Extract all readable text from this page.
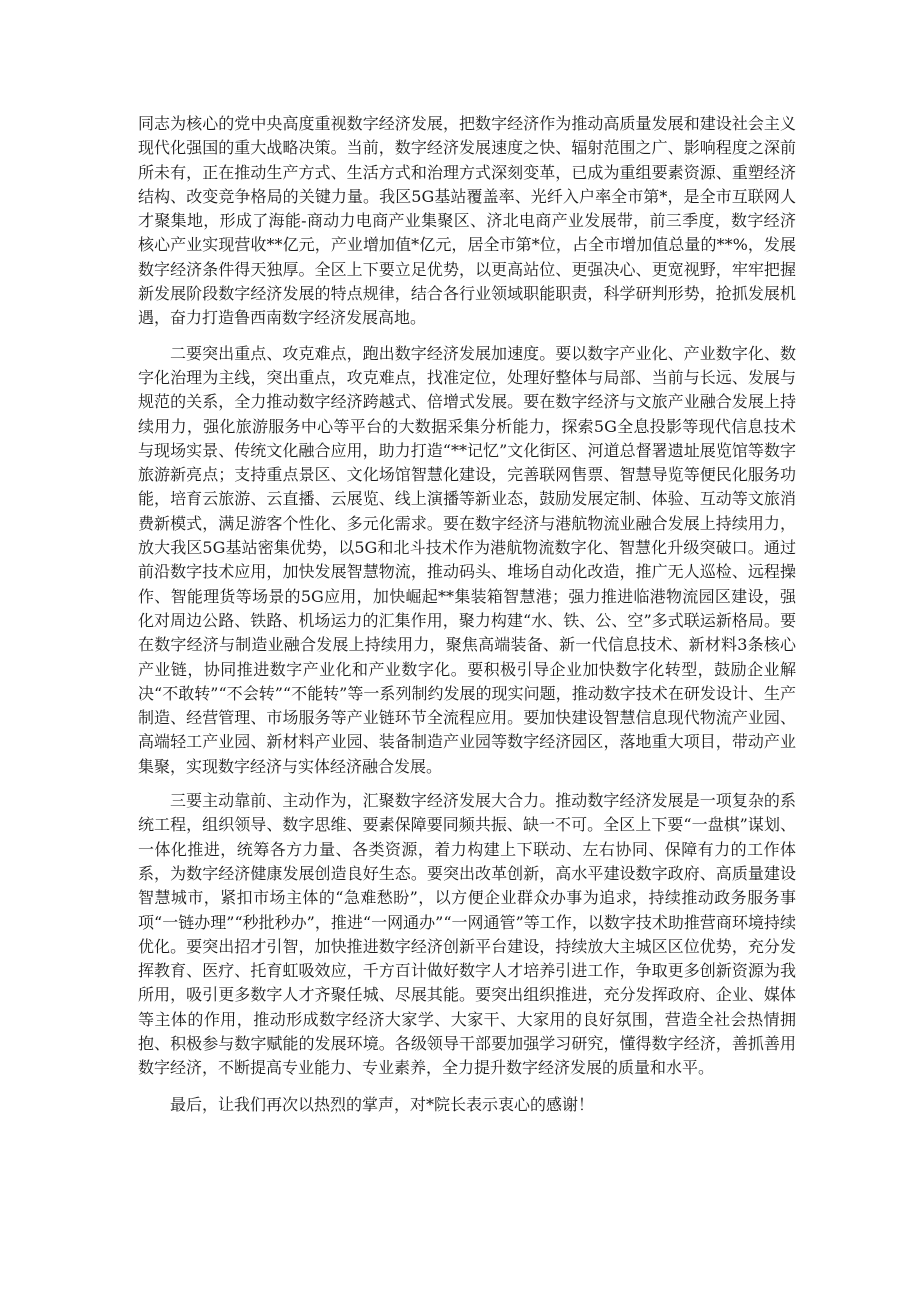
同志为核心的党中央高度重视数字经济发展，把数字经济作为推动高质量发展和建设社会主义现代化强国的重大战略决策。当前，数字经济发展速度之快、辐射范围之广、影响程度之深前所未有，正在推动生产方式、生活方式和治理方式深刻变革，已成为重组要素资源、重塑经济结构、改变竞争格局的关键力量。我区5G基站覆盖率、光纤入户率全市第*，是全市互联网人才聚集地，形成了海能-商动力电商产业集聚区、济北电商产业发展带，前三季度，数字经济核心产业实现营收**亿元，产业增加值*亿元，居全市第*位，占全市增加值总量的**%，发展数字经济条件得天独厚。全区上下要立足优势，以更高站位、更强决心、更宽视野，牢牢把握新发展阶段数字经济发展的特点规律，结合各行业领域职能职责，科学研判形势，抢抓发展机遇，奋力打造鲁西南数字经济发展高地。

二要突出重点、攻克难点，跑出数字经济发展加速度。要以数字产业化、产业数字化、数字化治理为主线，突出重点，攻克难点，找准定位，处理好整体与局部、当前与长远、发展与规范的关系，全力推动数字经济跨越式、倍增式发展。要在数字经济与文旅产业融合发展上持续用力，强化旅游服务中心等平台的大数据采集分析能力，探索5G全息投影等现代信息技术与现场实景、传统文化融合应用，助力打造“**记忆”文化街区、河道总督署遗址展览馆等数字旅游新亮点；支持重点景区、文化场馆智慧化建设，完善联网售票、智慧导览等便民化服务功能，培育云旅游、云直播、云展览、线上演播等新业态，鼓励发展定制、体验、互动等文旅消费新模式，满足游客个性化、多元化需求。要在数字经济与港航物流业融合发展上持续用力，放大我区5G基站密集优势，以5G和北斗技术作为港航物流数字化、智慧化升级突破口。通过前沿数字技术应用，加快发展智慧物流，推动码头、堆场自动化改造，推广无人巡检、远程操作、智能理货等场景的5G应用，加快崛起**集装箱智慧港；强力推进临港物流园区建设，强化对周边公路、铁路、机场运力的汇集作用，聚力构建“水、铁、公、空”多式联运新格局。要在数字经济与制造业融合发展上持续用力，聚焦高端装备、新一代信息技术、新材料3条核心产业链，协同推进数字产业化和产业数字化。要积极引导企业加快数字化转型，鼓励企业解决“不敢转”“不会转”“不能转”等一系列制约发展的现实问题，推动数字技术在研发设计、生产制造、经营管理、市场服务等产业链环节全流程应用。要加快建设智慧信息现代物流产业园、高端轻工产业园、新材料产业园、装备制造产业园等数字经济园区，落地重大项目，带动产业集聚，实现数字经济与实体经济融合发展。

三要主动靠前、主动作为，汇聚数字经济发展大合力。推动数字经济发展是一项复杂的系统工程，组织领导、数字思维、要素保障要同频共振、缺一不可。全区上下要“一盘棋”谋划、一体化推进，统筹各方力量、各类资源，着力构建上下联动、左右协同、保障有力的工作体系，为数字经济健康发展创造良好生态。要突出改革创新，高水平建设数字政府、高质量建设智慧城市，紧扣市场主体的“急难愁盼”，以方便企业群众办事为追求，持续推动政务服务事项“一链办理”“秒批秒办”，推进“一网通办”“一网通管”等工作，以数字技术助推营商环境持续优化。要突出招才引智，加快推进数字经济创新平台建设，持续放大主城区区位优势，充分发挥教育、医疗、托育虹吸效应，千方百计做好数字人才培养引进工作，争取更多创新资源为我所用，吸引更多数字人才齐聚任城、尽展其能。要突出组织推进，充分发挥政府、企业、媒体等主体的作用，推动形成数字经济大家学、大家干、大家用的良好氛围，营造全社会热情拥抱、积极参与数字赋能的发展环境。各级领导干部要加强学习研究，懂得数字经济，善抓善用数字经济，不断提高专业能力、专业素养，全力提升数字经济发展的质量和水平。

最后，让我们再次以热烈的掌声，对*院长表示衷心的感谢！
